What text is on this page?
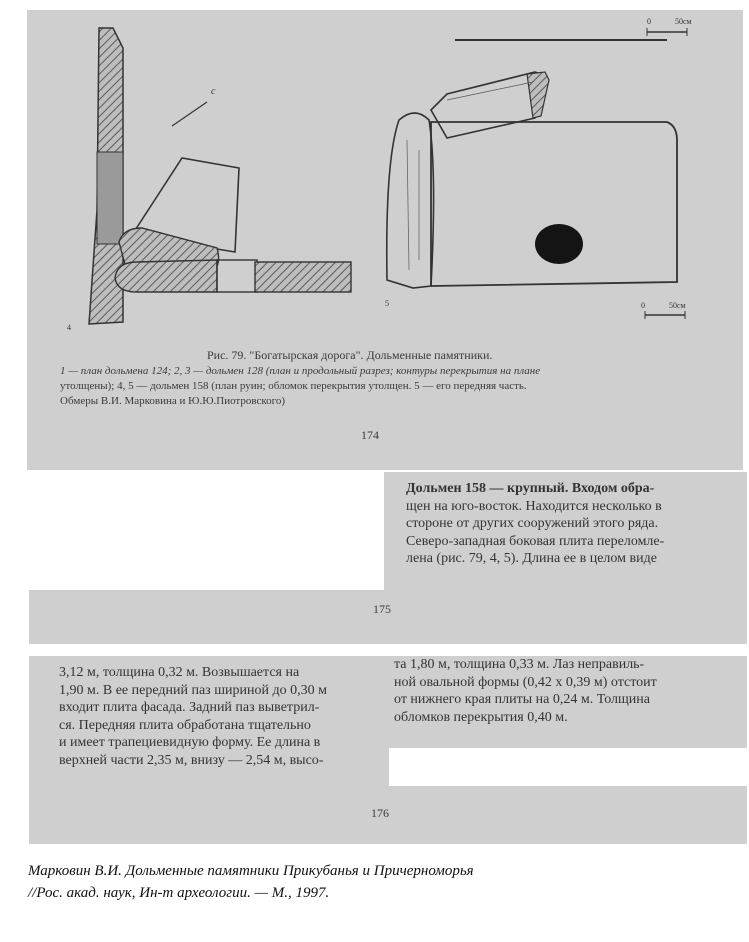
0	50см
c
4
5	0	50см
Рис. 79. "Богатырская дорога". Дольменные памятники.
1 — план дольмена 124; 2, 3 — дольмен 128 (план и продольный разрез; контуры перекрытия на плане
утолщены); 4, 5 — дольмен 158 (план руин; обломок перекрытия утолщен. 5 — его передняя часть.
Обмеры В.И. Марковина и Ю.Ю.Пиотровского)
174
Дольмен 158 — крупный. Входом обра-
щен на юго-восток. Находится несколько в
стороне от других сооружений этого ряда.
Северо-западная боковая плита переломле-
лена (рис. 79, 4, 5). Длина ее в целом виде
175
3,12 м, толщина 0,32 м. Возвышается на
1,90 м. В ее передний паз шириной до 0,30 м
входит плита фасада. Задний паз выветрил-
ся. Передняя плита обработана тщательно
и имеет трапециевидную форму. Ее длина в
верхней части 2,35 м, внизу — 2,54 м, высо-
та 1,80 м, толщина 0,33 м. Лаз неправиль-
ной овальной формы (0,42 х 0,39 м) отстоит
от нижнего края плиты на 0,24 м. Толщина
обломков перекрытия 0,40 м.
176
Марковин В.И. Дольменные памятники Прикубанья и Причерноморья
//Рос. акад. наук, Ин-т археологии. — М., 1997.
